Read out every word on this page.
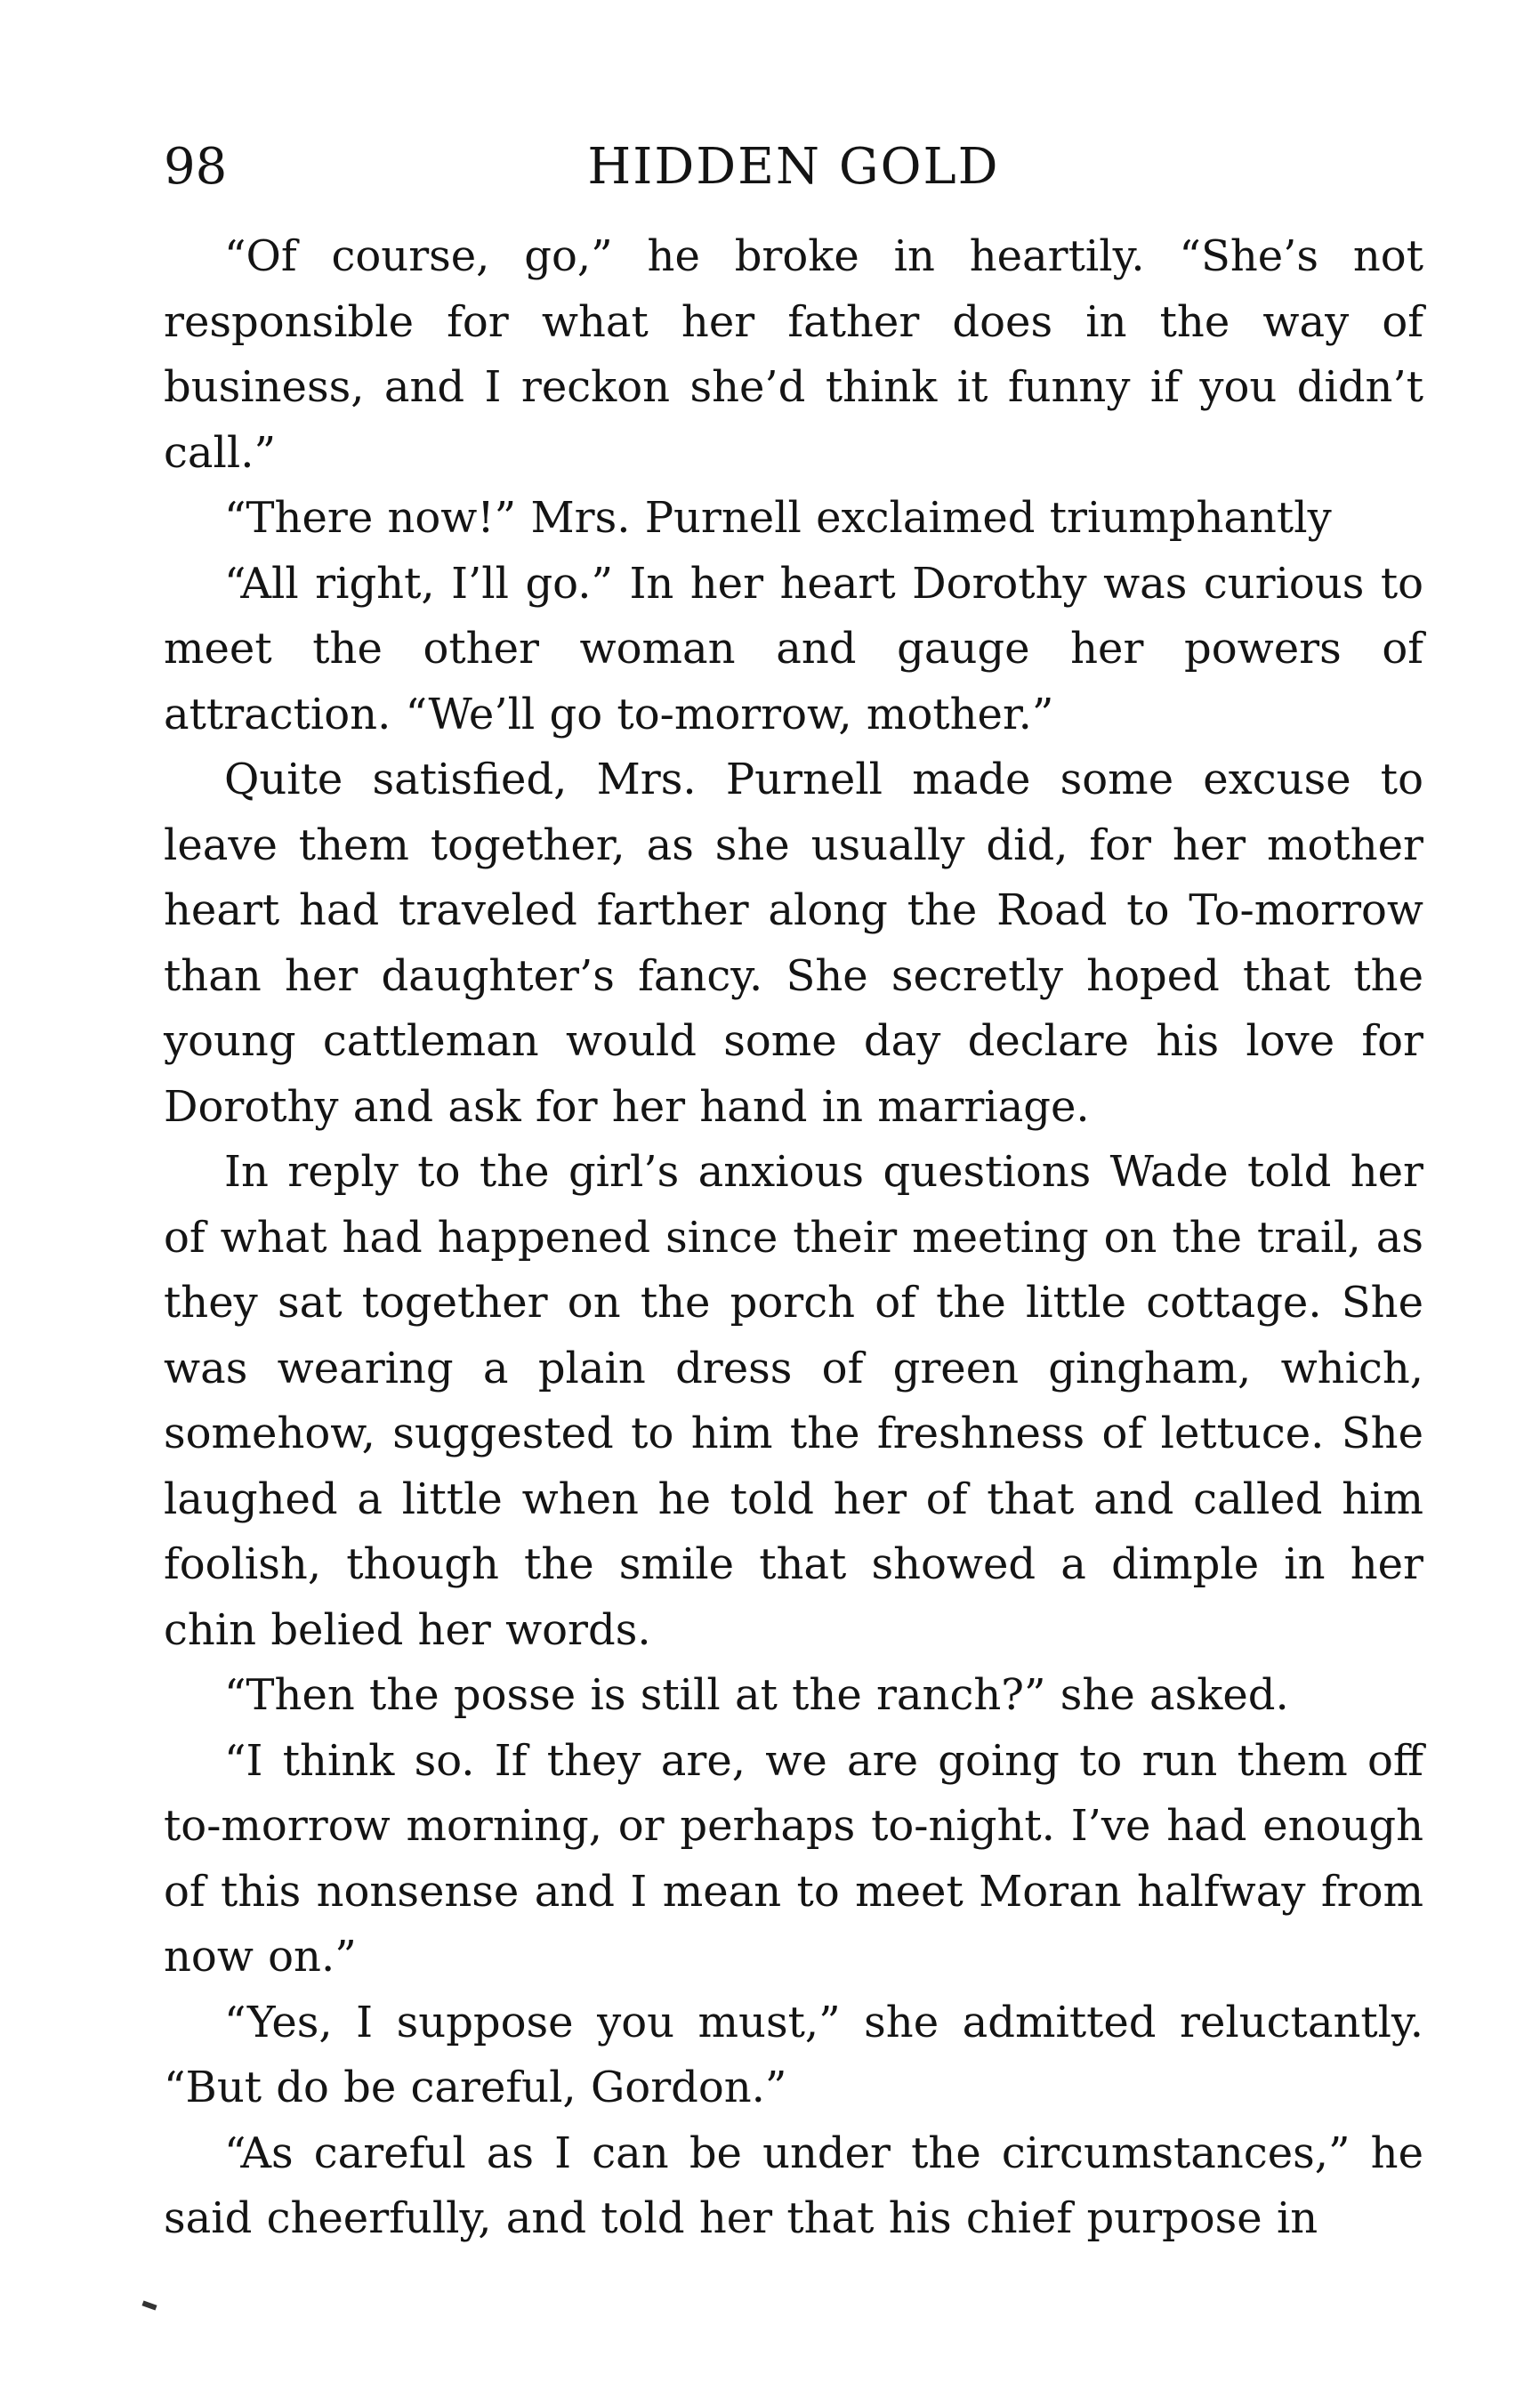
98	HIDDEN GOLD

“Of course, go,” he broke in heartily. “She’s not responsible for what her father does in the way of business, and I reckon she’d think it funny if you didn’t call.”

“There now!” Mrs. Purnell exclaimed triumphantly

“All right, I’ll go.” In her heart Dorothy was curious to meet the other woman and gauge her powers of attraction. “We’ll go to-morrow, mother.”

Quite satisfied, Mrs. Purnell made some excuse to leave them together, as she usually did, for her mother heart had traveled farther along the Road to To-morrow than her daughter’s fancy. She secretly hoped that the young cattleman would some day declare his love for Dorothy and ask for her hand in marriage.

In reply to the girl’s anxious questions Wade told her of what had happened since their meeting on the trail, as they sat together on the porch of the little cottage. She was wearing a plain dress of green gingham, which, somehow, suggested to him the freshness of lettuce. She laughed a little when he told her of that and called him foolish, though the smile that showed a dimple in her chin belied her words.

“Then the posse is still at the ranch?” she asked.

“I think so. If they are, we are going to run them off to-morrow morning, or perhaps to-night. I’ve had enough of this nonsense and I mean to meet Moran halfway from now on.”

“Yes, I suppose you must,” she admitted reluctantly. “But do be careful, Gordon.”

“As careful as I can be under the circumstances,” he said cheerfully, and told her that his chief purpose in
